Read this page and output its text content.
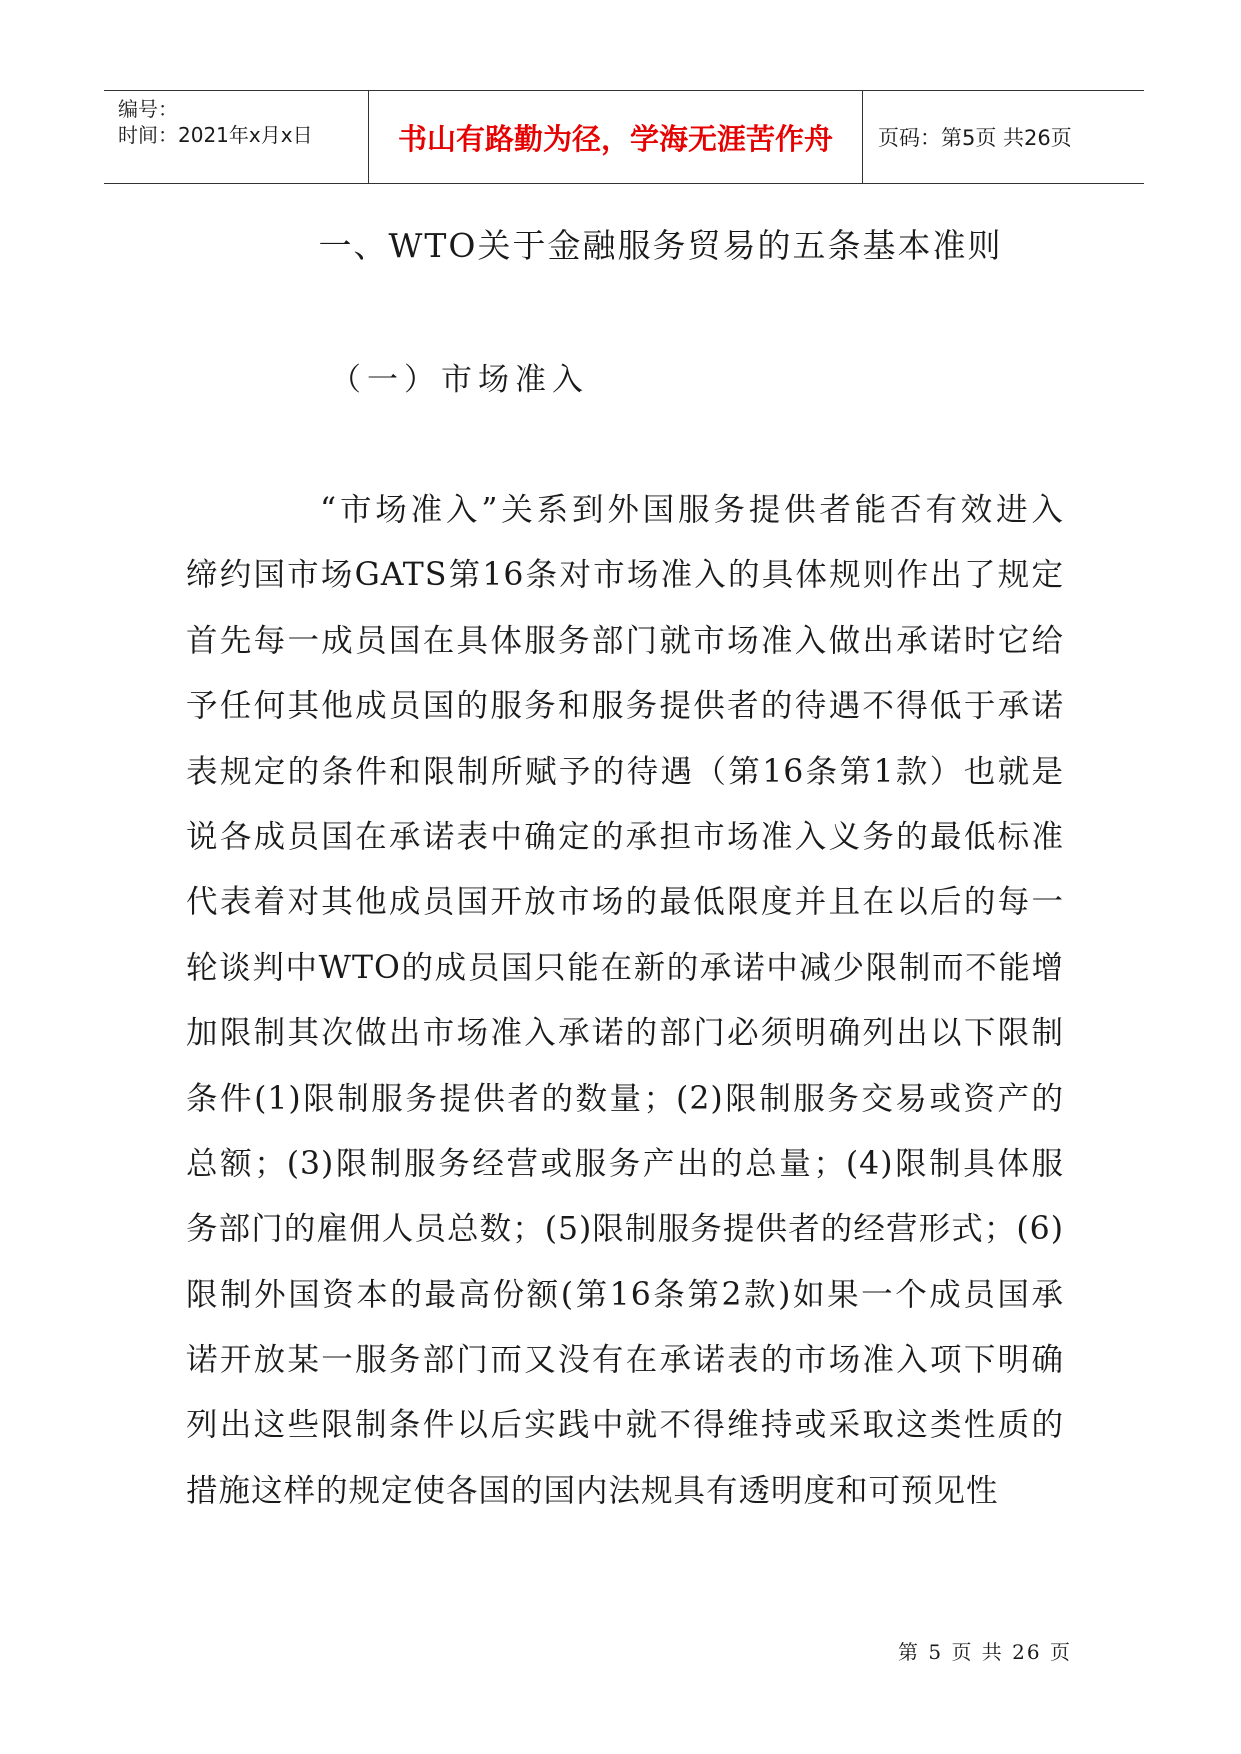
编号：
时间：2021年x月x日	书山有路勤为径，学海无涯苦作舟	页码：第5页 共26页
一、WTO关于金融服务贸易的五条基本准则
（一）市场准入
“市场准入”关系到外国服务提供者能否有效进入
缔约国市场GATS第16条对市场准入的具体规则作出了规定
首先每一成员国在具体服务部门就市场准入做出承诺时它给
予任何其他成员国的服务和服务提供者的待遇不得低于承诺
表规定的条件和限制所赋予的待遇（第16条第1款）也就是
说各成员国在承诺表中确定的承担市场准入义务的最低标准
代表着对其他成员国开放市场的最低限度并且在以后的每一
轮谈判中WTO的成员国只能在新的承诺中减少限制而不能增
加限制其次做出市场准入承诺的部门必须明确列出以下限制
条件(1)限制服务提供者的数量；(2)限制服务交易或资产的
总额；(3)限制服务经营或服务产出的总量；(4)限制具体服
务部门的雇佣人员总数；(5)限制服务提供者的经营形式；(6)
限制外国资本的最高份额(第16条第2款)如果一个成员国承
诺开放某一服务部门而又没有在承诺表的市场准入项下明确
列出这些限制条件以后实践中就不得维持或采取这类性质的
措施这样的规定使各国的国内法规具有透明度和可预见性
第 5 页 共 26 页
